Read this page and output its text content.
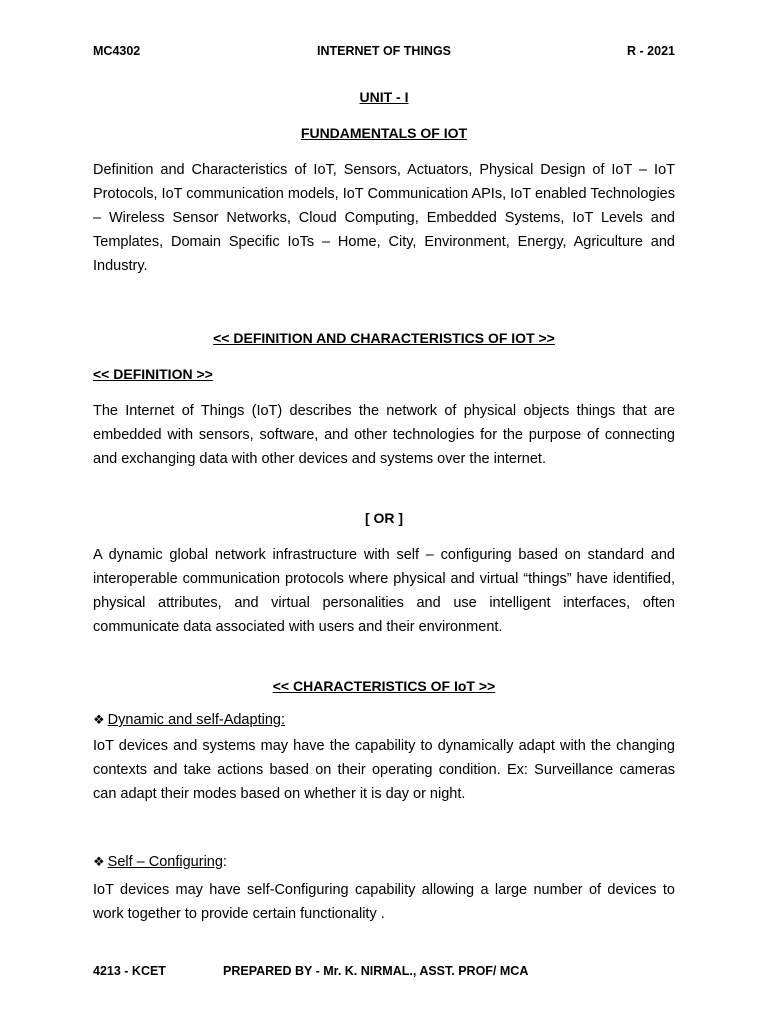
MC4302	INTERNET OF THINGS	R - 2021
UNIT - I
FUNDAMENTALS OF IOT
Definition and Characteristics of IoT, Sensors, Actuators, Physical Design of IoT – IoT Protocols, IoT communication models, IoT Communication APIs, IoT enabled Technologies – Wireless Sensor Networks, Cloud Computing, Embedded Systems, IoT Levels and Templates, Domain Specific IoTs – Home, City, Environment, Energy, Agriculture and Industry.
<< DEFINITION AND CHARACTERISTICS OF IOT >>
<< DEFINITION >>
The Internet of Things (IoT) describes the network of physical objects things that are embedded with sensors, software, and other technologies for the purpose of connecting and exchanging data with other devices and systems over the internet.
[ OR ]
A dynamic global network infrastructure with self – configuring based on standard and interoperable communication protocols where physical and virtual “things” have identified, physical attributes, and virtual personalities and use intelligent interfaces, often communicate data associated with users and their environment.
<< CHARACTERISTICS OF IoT >>
❖ Dynamic and self-Adapting:
IoT devices and systems may have the capability to dynamically adapt with the changing contexts and take actions based on their operating condition. Ex: Surveillance cameras can adapt their modes based on whether it is day or night.
❖ Self – Configuring:
IoT devices may have self-Configuring capability allowing a large number of devices to work together to provide certain functionality .
4213 - KCET	PREPARED BY - Mr. K. NIRMAL., ASST. PROF/ MCA
